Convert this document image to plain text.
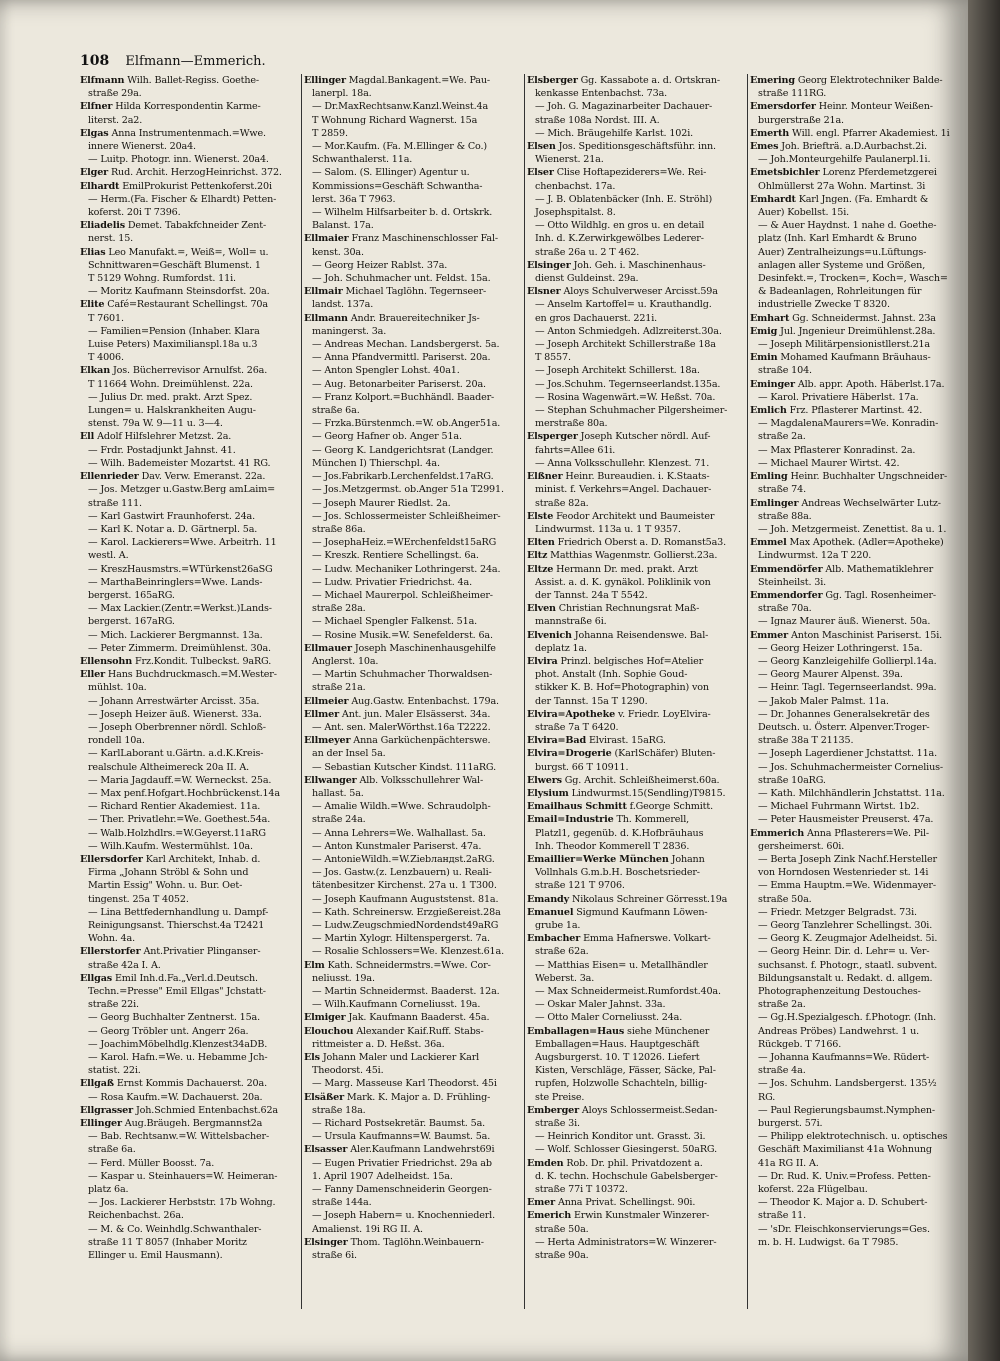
108 Elfmann—Emmerich.
Elfmann Wilh. Ballet-Regiss. Goethe-
straße 29a.
Elfner Hilda Korrespondentin Karme-
literst. 2a2.
Elgas Anna Instrumentenmach.=Wwe.
innere Wienerst. 20a4.
— Luitp. Photogr. inn. Wienerst. 20a4.
Elger Rud. Archit. HerzogHeinrichst. 372.
Elhardt EmilProkurist Pettenkoferst.20i
— Herm.(Fa. Fischer & Elhardt) Petten-
koferst. 20i T 7396.
Eliadelis Demet. Tabakfchneider Zent-
nerst. 15.
Elias Leo Manufakt.=, Weiß=, Woll= u.
Schnittwaren=Geschäft Blumenst. 1
T 5129 Wohng. Rumfordst. 11i.
— Moritz Kaufmann Steinsdorfst. 20a.
Elite Café=Restaurant Schellingst. 70a
T 7601.
— Familien=Pension (Inhaber. Klara
Luise Peters) Maximilianspl.18a u.3
T 4006.
Elkan Jos. Bücherrevisor Arnulfst. 26a.
T 11664 Wohn. Dreimühlenst. 22a.
— Julius Dr. med. prakt. Arzt Spez.
Lungen= u. Halskrankheiten Augu-
stenst. 79a W. 9—11 u. 3—4.
Ell Adolf Hilfslehrer Metzst. 2a.
— Frdr. Postadjunkt Jahnst. 41.
— Wilh. Bademeister Mozartst. 41 RG.
Ellenrieder Dav. Verw. Emeranst. 22a.
— Jos. Metzger u.Gastw.Berg amLaim=
straße 111.
— Karl Gastwirt Fraunhoferst. 24a.
— Karl K. Notar a. D. Gärtnerpl. 5a.
— Karol. Lackierers=Wwe. Arbeitrh. 11
westl. A.
— KreszHausmstrs.=WTürkenst26aSG
— MarthaBeinringlers=Wwe. Lands-
bergerst. 165aRG.
— Max Lackier.(Zentr.=Werkst.)Lands-
bergerst. 167aRG.
— Mich. Lackierer Bergmannst. 13a.
— Peter Zimmerm. Dreimühlenst. 30a.
Ellensohn Frz.Kondit. Tulbeckst. 9aRG.
Eller Hans Buchdruckmasch.=M.Wester-
mühlst. 10a.
— Johann Arrestwärter Arcisst. 35a.
— Joseph Heizer äuß. Wienerst. 33a.
— Joseph Oberbrenner nördl. Schloß-
rondell 10a.
— KarlLaborant u.Gärtn. a.d.K.Kreis-
realschule Altheimereck 20a II. A.
— Maria Jagdauff.=W. Werneckst. 25a.
— Max penf.Hofgart.Hochbrückenst.14a
— Richard Rentier Akademiest. 11a.
— Ther. Privatlehr.=We. Goethest.54a.
— Walb.Holzhdlrs.=W.Geyerst.11aRG
— Wilh.Kaufm. Westermühlst. 10a.
Ellersdorfer Karl Architekt, Inhab. d.
Firma „Johann Ströbl & Sohn und
Martin Essig" Wohn. u. Bur. Oet-
tingenst. 25a T 4052.
— Lina Bettfedernhandlung u. Dampf-
Reinigungsanst. Thierschst.4a T2421
Wohn. 4a.
Ellerstorfer Ant.Privatier Plinganser-
straße 42a I. A.
Ellgas Emil Inh.d.Fa.„Verl.d.Deutsch.
Techn.=Presse" Emil Ellgas" Jchstatt-
straße 22i.
— Georg Buchhalter Zentnerst. 15a.
— Georg Tröbler unt. Angerr 26a.
— JoachimMöbelhdlg.Klenzest34aDB.
— Karol. Hafn.=We. u. Hebamme Jch-
statist. 22i.
Ellgaß Ernst Kommis Dachauerst. 20a.
— Rosa Kaufm.=W. Dachauerst. 20a.
Ellgrasser Joh.Schmied Entenbachst.62a
Ellinger Aug.Bräugeh. Bergmannst2a
— Bab. Rechtsanw.=W. Wittelsbacher-
straße 6a.
— Ferd. Müller Boosst. 7a.
— Kaspar u. Steinhauers=W. Heimeran-
platz 6a.
— Jos. Lackierer Herbststr. 17b Wohng.
Reichenbachst. 26a.
— M. & Co. Weinhdlg.Schwanthaler-
straße 11 T 8057 (Inhaber Moritz
Ellinger u. Emil Hausmann).
Ellinger Magdal.Bankagent.=We. Pau-
lanerpl. 18a.
— Dr.MaxRechtsanw.Kanzl.Weinst.4a
T Wohnung Richard Wagnerst. 15a
T 2859.
— Mor.Kaufm. (Fa. M.Ellinger & Co.)
Schwanthalerst. 11a.
— Salom. (S. Ellinger) Agentur u.
Kommissions=Geschäft Schwantha-
lerst. 36a T 7963.
— Wilhelm Hilfsarbeiter b. d. Ortskrk.
Balanst. 17a.
Ellmaier Franz Maschinenschlosser Fal-
kenst. 30a.
— Georg Heizer Rablst. 37a.
— Joh. Schuhmacher unt. Feldst. 15a.
Ellmair Michael Taglöhn. Tegernseer-
landst. 137a.
Ellmann Andr. Brauereitechniker Js-
maningerst. 3a.
— Andreas Mechan. Landsbergerst. 5a.
— Anna Pfandvermittl. Pariserst. 20a.
— Anton Spengler Lohst. 40a1.
— Aug. Betonarbeiter Pariserst. 20a.
— Franz Kolport.=Buchhändl. Baader-
straße 6a.
— Frzka.Bürstenmch.=W. ob.Anger51a.
— Georg Hafner ob. Anger 51a.
— Georg K. Landgerichtsrat (Landger.
München I) Thierschpl. 4a.
— Jos.Fabrikarb.Lerchenfeldst.17aRG.
— Jos.Metzgermst. ob.Anger 51a T2991.
— Joseph Maurer Riedlst. 2a.
— Jos. Schlossermeister Schleißheimer-
straße 86a.
— JosephaHeiz.=WErchenfeldst15aRG
— Kreszk. Rentiere Schellingst. 6a.
— Ludw. Mechaniker Lothringerst. 24a.
— Ludw. Privatier Friedrichst. 4a.
— Michael Maurerpol. Schleißheimer-
straße 28a.
— Michael Spengler Falkenst. 51a.
— Rosine Musik.=W. Senefelderst. 6a.
Ellmauer Joseph Maschinenhausgehilfe
Anglerst. 10a.
— Martin Schuhmacher Thorwaldsen-
straße 21a.
Ellmeier Aug.Gastw. Entenbachst. 179a.
Ellmer Ant. jun. Maler Elsässerst. 34a.
— Ant. sen. MalerWörthst.16a T2222.
Ellmeyer Anna Garküchenpächterswe.
an der Insel 5a.
— Sebastian Kutscher Kindst. 111aRG.
Ellwanger Alb. Volksschullehrer Wal-
hallast. 5a.
— Amalie Wildh.=Wwe. Schraudolph-
straße 24a.
— Anna Lehrers=We. Walhallast. 5a.
— Anton Kunstmaler Pariserst. 47a.
— AntonieWildh.=W.Ziebландst.2aRG.
— Jos. Gastw.(z. Lenzbauern) u. Reali-
tätenbesitzer Kirchenst. 27a u. 1 T300.
— Joseph Kaufmann Auguststenst. 81a.
— Kath. Schreinersw. Erzgießereist.28a
— Ludw.ZeugschmiedNordendst49aRG
— Martin Xylogr. Hiltenspergerst. 7a.
— Rosalie Schlossers=We. Klenzest.61a.
Elm Kath. Schneidermstrs.=Wwe. Cor-
neliusst. 19a.
— Martin Schneidermst. Baaderst. 12a.
— Wilh.Kaufmann Corneliusst. 19a.
Elmiger Jak. Kaufmann Baaderst. 45a.
Elouchou Alexander Kaif.Ruff. Stabs-
rittmeister a. D. Heßst. 36a.
Els Johann Maler und Lackierer Karl
Theodorst. 45i.
— Marg. Masseuse Karl Theodorst. 45i
Elsäßer Mark. K. Major a. D. Frühling-
straße 18a.
— Richard Postsekretär. Baumst. 5a.
— Ursula Kaufmanns=W. Baumst. 5a.
Elsasser Aler.Kaufmann Landwehrst69i
— Eugen Privatier Friedrichst. 29a ab
1. April 1907 Adelheidst. 15a.
— Fanny Damenschneiderin Georgen-
straße 144a.
— Joseph Habern= u. Knochenniederl.
Amalienst. 19i RG II. A.
Elsinger Thom. Taglöhn.Weinbauern-
straße 6i.
Elsberger Gg. Kassabote a. d. Ortskran-
kenkasse Entenbachst. 73a.
— Joh. G. Magazinarbeiter Dachauer-
straße 108a Nordst. III. A.
— Mich. Bräugehilfe Karlst. 102i.
Elsen Jos. Speditionsgeschäftsführ. inn.
Wienerst. 21a.
Elser Clise Hoftapeziderers=We. Rei-
chenbachst. 17a.
— J. B. Oblatenbäcker (Inh. E. Ströhl)
Josephspitalst. 8.
— Otto Wildhlg. en gros u. en detail
Inh. d. K.Zerwirkgewölbes Lederer-
straße 26a u. 2 T 462.
Elsinger Joh. Geh. i. Maschinenhaus-
dienst Guldeinst. 29a.
Elsner Aloys Schulverweser Arcisst.59a
— Anselm Kartoffel= u. Krauthandlg.
en gros Dachauerst. 221i.
— Anton Schmiedgeh. Adlzreiterst.30a.
— Joseph Architekt Schillerstraße 18a
T 8557.
— Joseph Architekt Schillerst. 18a.
— Jos.Schuhm. Tegernseerlandst.135a.
— Rosina Wagenwärt.=W. Heßst. 70a.
— Stephan Schuhmacher Pilgersheimer-
merstraße 80a.
Elsperger Joseph Kutscher nördl. Auf-
fahrts=Allee 61i.
— Anna Volksschullehr. Klenzest. 71.
Elßner Heinr. Bureaudien. i. K.Staats-
minist. f. Verkehrs=Angel. Dachauer-
straße 82a.
Elste Feodor Architekt und Baumeister
Lindwurmst. 113a u. 1 T 9357.
Elten Friedrich Oberst a. D. Romanst5a3.
Eltz Matthias Wagenmstr. Gollierst.23a.
Eltze Hermann Dr. med. prakt. Arzt
Assist. a. d. K. gynäkol. Poliklinik von
der Tannst. 24a T 5542.
Elven Christian Rechnungsrat Maß-
mannstraße 6i.
Elvenich Johanna Reisendenswe. Bal-
deplatz 1a.
Elvira Prinzl. belgisches Hof=Atelier
phot. Anstalt (Inh. Sophie Goud-
stikker K. B. Hof=Photographin) von
der Tannst. 15a T 1290.
Elvira=Apotheke v. Friedr. LoyElvira-
straße 7a T 6420.
Elvira=Bad Elvirast. 15aRG.
Elvira=Drogerie (KarlSchäfer) Bluten-
burgst. 66 T 10911.
Elwers Gg. Archit. Schleißheimerst.60a.
Elysium Lindwurmst.15(Sendling)T9815.
Emailhaus Schmitt f.George Schmitt.
Email=Industrie Th. Kommerell,
Platzl1, gegenüb. d. K.Hofbräuhaus
Inh. Theodor Kommerell T 2836.
Emaillier=Werke München Johann
Vollnhals G.m.b.H. Boschetsrieder-
straße 121 T 9706.
Emandy Nikolaus Schreiner Görresst.19a
Emanuel Sigmund Kaufmann Löwen-
grube 1a.
Embacher Emma Hafnerswe. Volkart-
straße 62a.
— Matthias Eisen= u. Metallhändler
Weberst. 3a.
— Max Schneidermeist.Rumfordst.40a.
— Oskar Maler Jahnst. 33a.
— Otto Maler Corneliusst. 24a.
Emballagen=Haus siehe Münchener
Emballagen=Haus. Hauptgeschäft
Augsburgerst. 10. T 12026. Liefert
Kisten, Verschläge, Fässer, Säcke, Pal-
rupfen, Holzwolle Schachteln, billig-
ste Preise.
Emberger Aloys Schlossermeist.Sedan-
straße 3i.
— Heinrich Konditor unt. Grasst. 3i.
— Wolf. Schlosser Giesingerst. 50aRG.
Emden Rob. Dr. phil. Privatdozent a.
d. K. techn. Hochschule Gabelsberger-
straße 77i T 10372.
Emer Anna Privat. Schellingst. 90i.
Emerich Erwin Kunstmaler Winzerer-
straße 50a.
— Herta Administrators=W. Winzerer-
straße 90a.
Emering Georg Elektrotechniker Balde-
straße 111RG.
Emersdorfer Heinr. Monteur Weißen-
burgerstraße 21a.
Emerth Will. engl. Pfarrer Akademiest. 1i
Emes Joh. Briefträ. a.D.Aurbachst.2i.
— Joh.Monteurgehilfe Paulanerpl.1i.
Emetsbichler Lorenz Pferdemetzgerei
Ohlmüllerst 27a Wohn. Martinst. 3i
Emhardt Karl Jngen. (Fa. Emhardt &
Auer) Kobellst. 15i.
— & Auer Haydnst. 1 nahe d. Goethe-
platz (Inh. Karl Emhardt & Bruno
Auer) Zentralheizungs=u.Lüftungs-
anlagen aller Systeme und Größen,
Desinfekt.=, Trocken=, Koch=, Wasch=
& Badeanlagen, Rohrleitungen für
industrielle Zwecke T 8320.
Emhart Gg. Schneidermst. Jahnst. 23a
Emig Jul. Jngenieur Dreimühlenst.28a.
— Joseph Militärpensionistllerst.21a
Emin Mohamed Kaufmann Bräuhaus-
straße 104.
Eminger Alb. appr. Apoth. Häberlst.17a.
— Karol. Privatiere Häberlst. 17a.
Emlich Frz. Pflasterer Martinst. 42.
— MagdalenaMaurers=We. Konradin-
straße 2a.
— Max Pflasterer Konradinst. 2a.
— Michael Maurer Wirtst. 42.
Emling Heinr. Buchhalter Ungschneider-
straße 74.
Emlinger Andreas Wechselwärter Lutz-
straße 88a.
— Joh. Metzgermeist. Zenettist. 8a u. 1.
Emmel Max Apothek. (Adler=Apotheke)
Lindwurmst. 12a T 220.
Emmendörfer Alb. Mathematiklehrer
Steinheilst. 3i.
Emmendorfer Gg. Tagl. Rosenheimer-
straße 70a.
— Ignaz Maurer äuß. Wienerst. 50a.
Emmer Anton Maschinist Pariserst. 15i.
— Georg Heizer Lothringerst. 15a.
— Georg Kanzleigehilfe Gollierpl.14a.
— Georg Maurer Alpenst. 39a.
— Heinr. Tagl. Tegernseerlandst. 99a.
— Jakob Maler Palmst. 11a.
— Dr. Johannes Generalsekretär des
Deutsch. u. Österr. Alpenver.Troger-
straße 38a T 21135.
— Joseph Lagerdiener Jchstattst. 11a.
— Jos. Schuhmachermeister Cornelius-
straße 10aRG.
— Kath. Milchhändlerin Jchstattst. 11a.
— Michael Fuhrmann Wirtst. 1b2.
— Peter Hausmeister Preuserst. 47a.
Emmerich Anna Pflasterers=We. Pil-
gersheimerst. 60i.
— Berta Joseph Zink Nachf.Hersteller
von Horndosen Westenrieder st. 14i
— Emma Hauptm.=We. Widenmayer-
straße 50a.
— Friedr. Metzger Belgradst. 73i.
— Georg Tanzlehrer Schellingst. 30i.
— Georg K. Zeugmajor Adelheidst. 5i.
— Georg Heinr. Dir. d. Lehr= u. Ver-
suchsanst. f. Photogr., staatl. subvent.
Bildungsanstalt u. Redakt. d. allgem.
Photographenzeitung Destouches-
straße 2a.
— Gg.H.Spezialgesch. f.Photogr. (Inh.
Andreas Pröbes) Landwehrst. 1 u.
Rückgeb. T 7166.
— Johanna Kaufmanns=We. Rüdert-
straße 4a.
— Jos. Schuhm. Landsbergerst. 135½
RG.
— Paul Regierungsbaumst.Nymphen-
burgerst. 57i.
— Philipp elektrotechnisch. u. optisches
Geschäft Maximilianst 41a Wohnung
41a RG II. A.
— Dr. Rud. K. Univ.=Profess. Petten-
koferst. 22a Flügelbau.
— Theodor K. Major a. D. Schubert-
straße 11.
— 'sDr. Fleischkonservierungs=Ges.
m. b. H. Ludwigst. 6a T 7985.
